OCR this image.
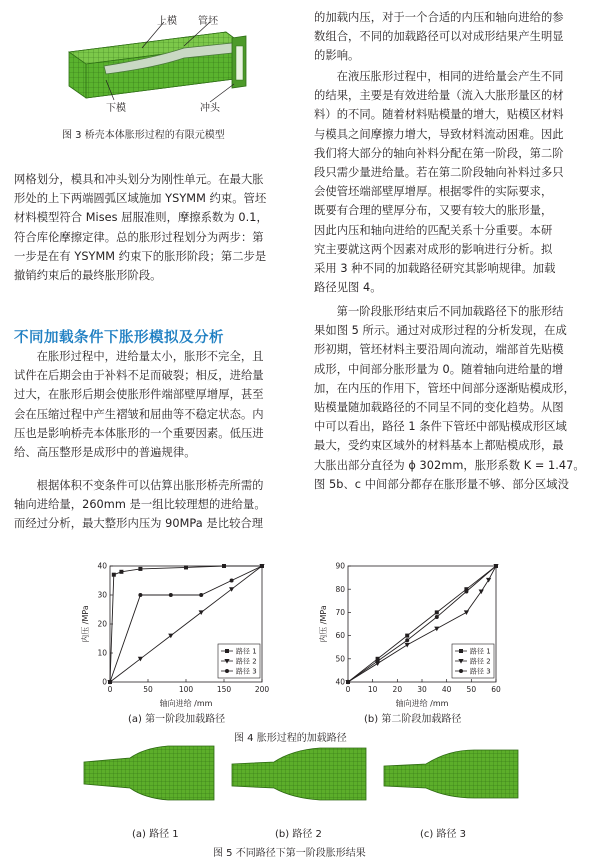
上模 管坯
下模	冲头
图 3 桥壳本体胀形过程的有限元模型
网格划分，模具和冲头划分为刚性单元。在最大胀
形处的上下两端圆弧区域施加 YSYMM 约束。管坯
材料模型符合 Mises 屈服准则，摩擦系数为 0.1，
符合库伦摩擦定律。总的胀形过程划分为两步：第
一步是在有 YSYMM 约束下的胀形阶段；第二步是
撤销约束后的最终胀形阶段。
不同加载条件下胀形模拟及分析
在胀形过程中，进给量太小，胀形不完全，且
试件在后期会由于补料不足而破裂；相反，进给量
过大，在胀形后期会使胀形件端部壁厚增厚，甚至
会在压缩过程中产生褶皱和屈曲等不稳定状态。内
压也是影响桥壳本体胀形的一个重要因素。低压进
给、高压整形是成形中的普遍规律。
根据体积不变条件可以估算出胀形桥壳所需的
轴向进给量，260mm 是一组比较理想的进给量。
而经过分析，最大整形内压为 90MPa 是比较合理
的加载内压，对于一个合适的内压和轴向进给的参
数组合，不同的加载路径可以对成形结果产生明显
的影响。
在液压胀形过程中，相同的进给量会产生不同
的结果，主要是有效进给量（流入大胀形量区的材
料）的不同。随着材料贴模量的增大，贴模区材料
与模具之间摩擦力增大，导致材料流动困难。因此
我们将大部分的轴向补料分配在第一阶段，第二阶
段只需少量进给量。若在第二阶段轴向补料过多只
会使管坯端部壁厚增厚。根据零件的实际要求，
既要有合理的壁厚分布，又要有较大的胀形量，
因此内压和轴向进给的匹配关系十分重要。本研
究主要就这两个因素对成形的影响进行分析。拟
采用 3 种不同的加载路径研究其影响规律。加载
路径见图 4。
第一阶段胀形结束后不同加载路径下的胀形结
果如图 5 所示。通过对成形过程的分析发现，在成
形初期，管坯材料主要沿周向流动，端部首先贴模
成形，中间部分胀形量为 0。随着轴向进给量的增
加，在内压的作用下，管坯中间部分逐渐贴模成形，
贴模量随加载路径的不同呈不同的变化趋势。从图
中可以看出，路径 1 条件下管坯中部贴模成形区域
最大，受约束区域外的材料基本上都贴模成形，最
大胀出部分直径为 ϕ 302mm，胀形系数 K = 1.47。
图 5b、c 中间部分都存在胀形量不够、部分区域没
0	50	100	150	200
0
10
20
30
40
轴向进给 /mm
内压 /MPa
路径 1
路径 2
路径 3
0 10 20 30 40 50 60
40
50
60
70
80
90
轴向进给 /mm
内压 /MPa
路径 1
路径 2
路径 3
(a) 第一阶段加载路径	(b) 第二阶段加载路径
图 4 胀形过程的加载路径
(a) 路径 1	(b) 路径 2	(c) 路径 3
图 5 不同路径下第一阶段胀形结果
